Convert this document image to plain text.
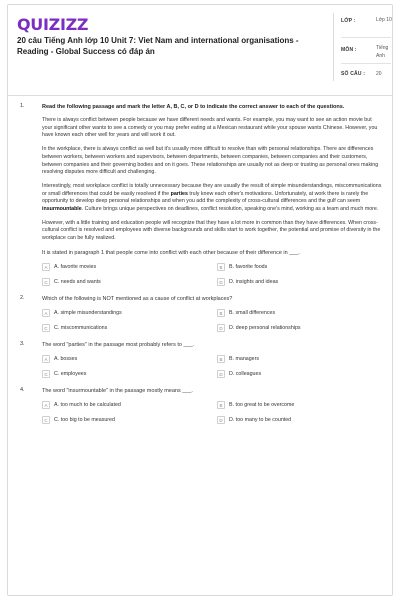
QUIZIZZ
20 câu Tiếng Anh lớp 10 Unit 7: Viet Nam and international organisations - Reading - Global Success có đáp án
LỚP :	Lớp 10
MÔN :	Tiếng Anh
SỐ CÂU : 20
1.	Read the following passage and mark the letter A, B, C, or D to indicate the correct answer to each of the questions.

There is always conflict between people because we have different needs and wants. For example, you may want to see an action movie but your significant other wants to see a comedy or you may prefer eating at a Mexican restaurant while your spouse wants Chinese. However, you have known each other well for years and will work it out.

In the workplace, there is always conflict as well but it's usually more difficult to resolve than with personal relationships. There are differences between workers, between workers and supervisors, between departments, between companies, between companies and their customers, between companies and their governing bodies and on it goes. These relationships are usually not as deep or trusting as personal ones making resolving disputes more difficult and challenging.

Interestingly, most workplace conflict is totally unnecessary because they are usually the result of simple misunderstandings, miscommunications or small differences that could be easily resolved if the parties truly knew each other's motivations. Unfortunately, at work there is rarely the opportunity to develop deep personal relationships and when you add the complexity of cross-cultural differences and the gulf can seem insurmountable. Culture brings unique perspectives on deadlines, conflict resolution, speaking one's mind, working as a team and much more.

However, with a little training and education people will recognize that they have a lot more in common than they have differences. When cross-cultural conflict is resolved and employees with diverse backgrounds and skills start to work together, the potential and promise of diversity in the workplace can be fully realized.

It is stated in paragraph 1 that people come into conflict with each other because of their difference in ___.
A	A. favorite movies	B	B. favorite foods
C	C. needs and wants	D	D. insights and ideas
2.	Which of the following is NOT mentioned as a cause of conflict at workplaces?
A	A. simple misunderstandings	B	B. small differences
C	C. miscommunications	D	D. deep personal relationships
3.	The word "parties" in the passage most probably refers to ___.
A	A. bosses	B	B. managers
C	C. employees	D	D. colleagues
4.	The word "insurmountable" in the passage mostly means ___.
A	A. too much to be calculated	B	B. too great to be overcome
C	C. too big to be measured	D	D. too many to be counted
